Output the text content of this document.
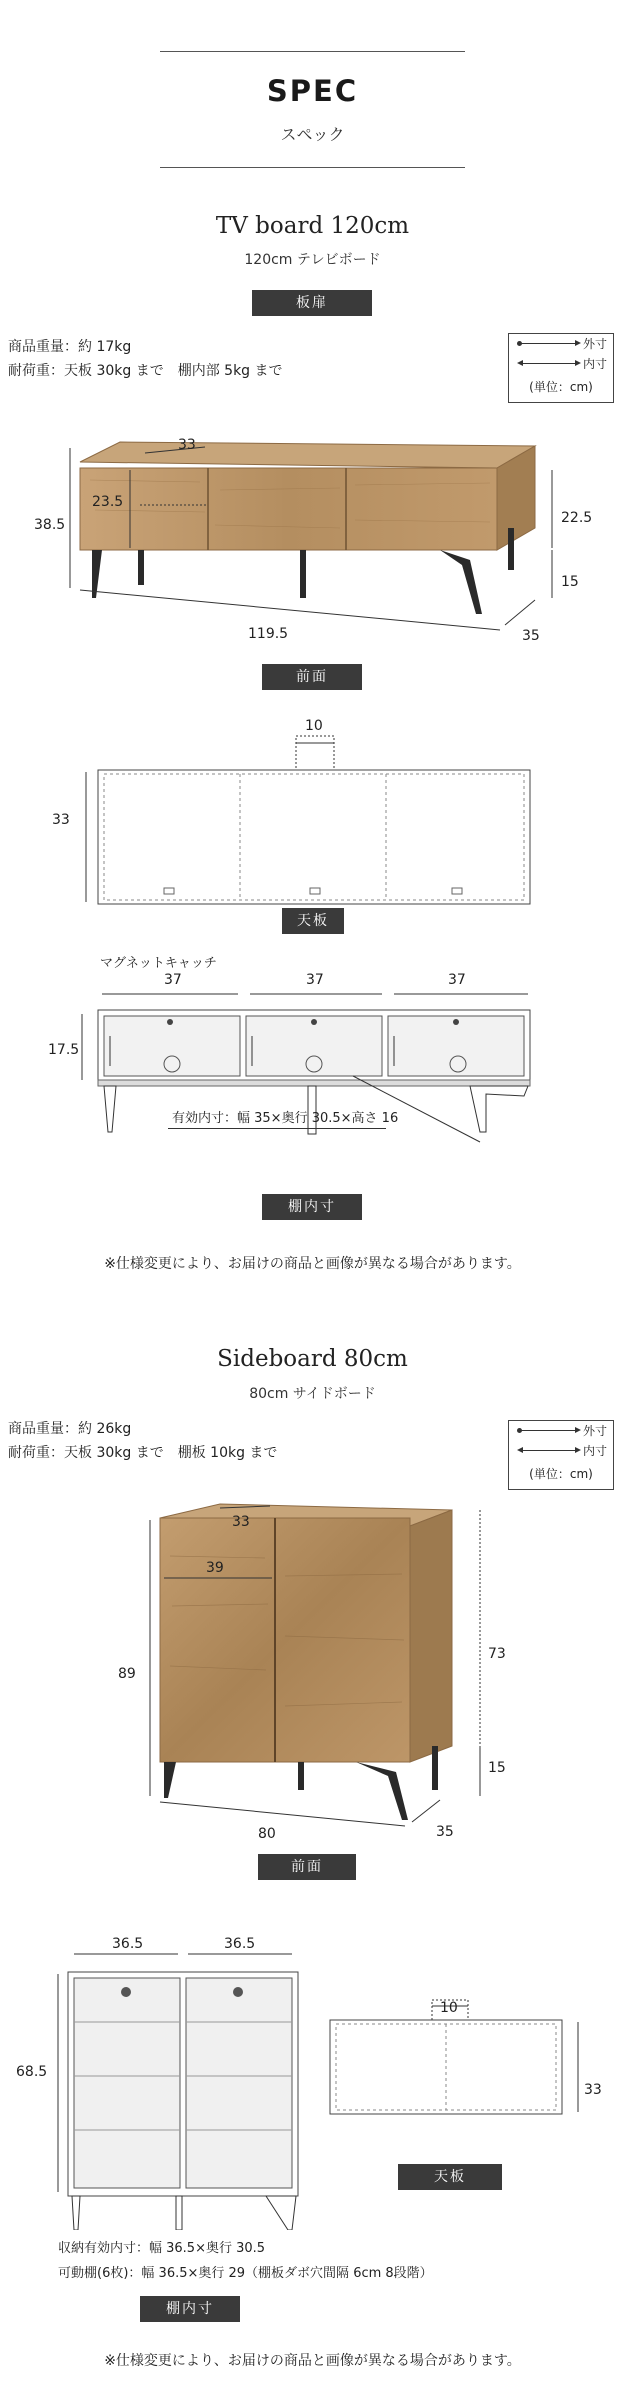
SPEC
スペック
TV board 120cm
120cm テレビボード
板扉
商品重量：約 17kg
耐荷重：天板 30kg まで　棚内部 5kg まで
外寸
内寸
(単位：cm)
33
23.5
38.5	22.5
15
119.5	35
前面
10
33
天板
マグネットキャッチ
37	37	37
17.5
有効内寸：幅 35×奥行 30.5×高さ 16
棚内寸
※仕様変更により、お届けの商品と画像が異なる場合があります。
Sideboard 80cm
80cm サイドボード
商品重量：約 26kg
耐荷重：天板 30kg まで　棚板 10kg まで
外寸
内寸
(単位：cm)
33
39
89
73
15
80	35
前面
36.5	36.5
68.5
10
33
天板
収納有効内寸：幅 36.5×奥行 30.5
可動棚(6枚)：幅 36.5×奥行 29（棚板ダボ穴間隔 6cm 8段階）
棚内寸
※仕様変更により、お届けの商品と画像が異なる場合があります。
